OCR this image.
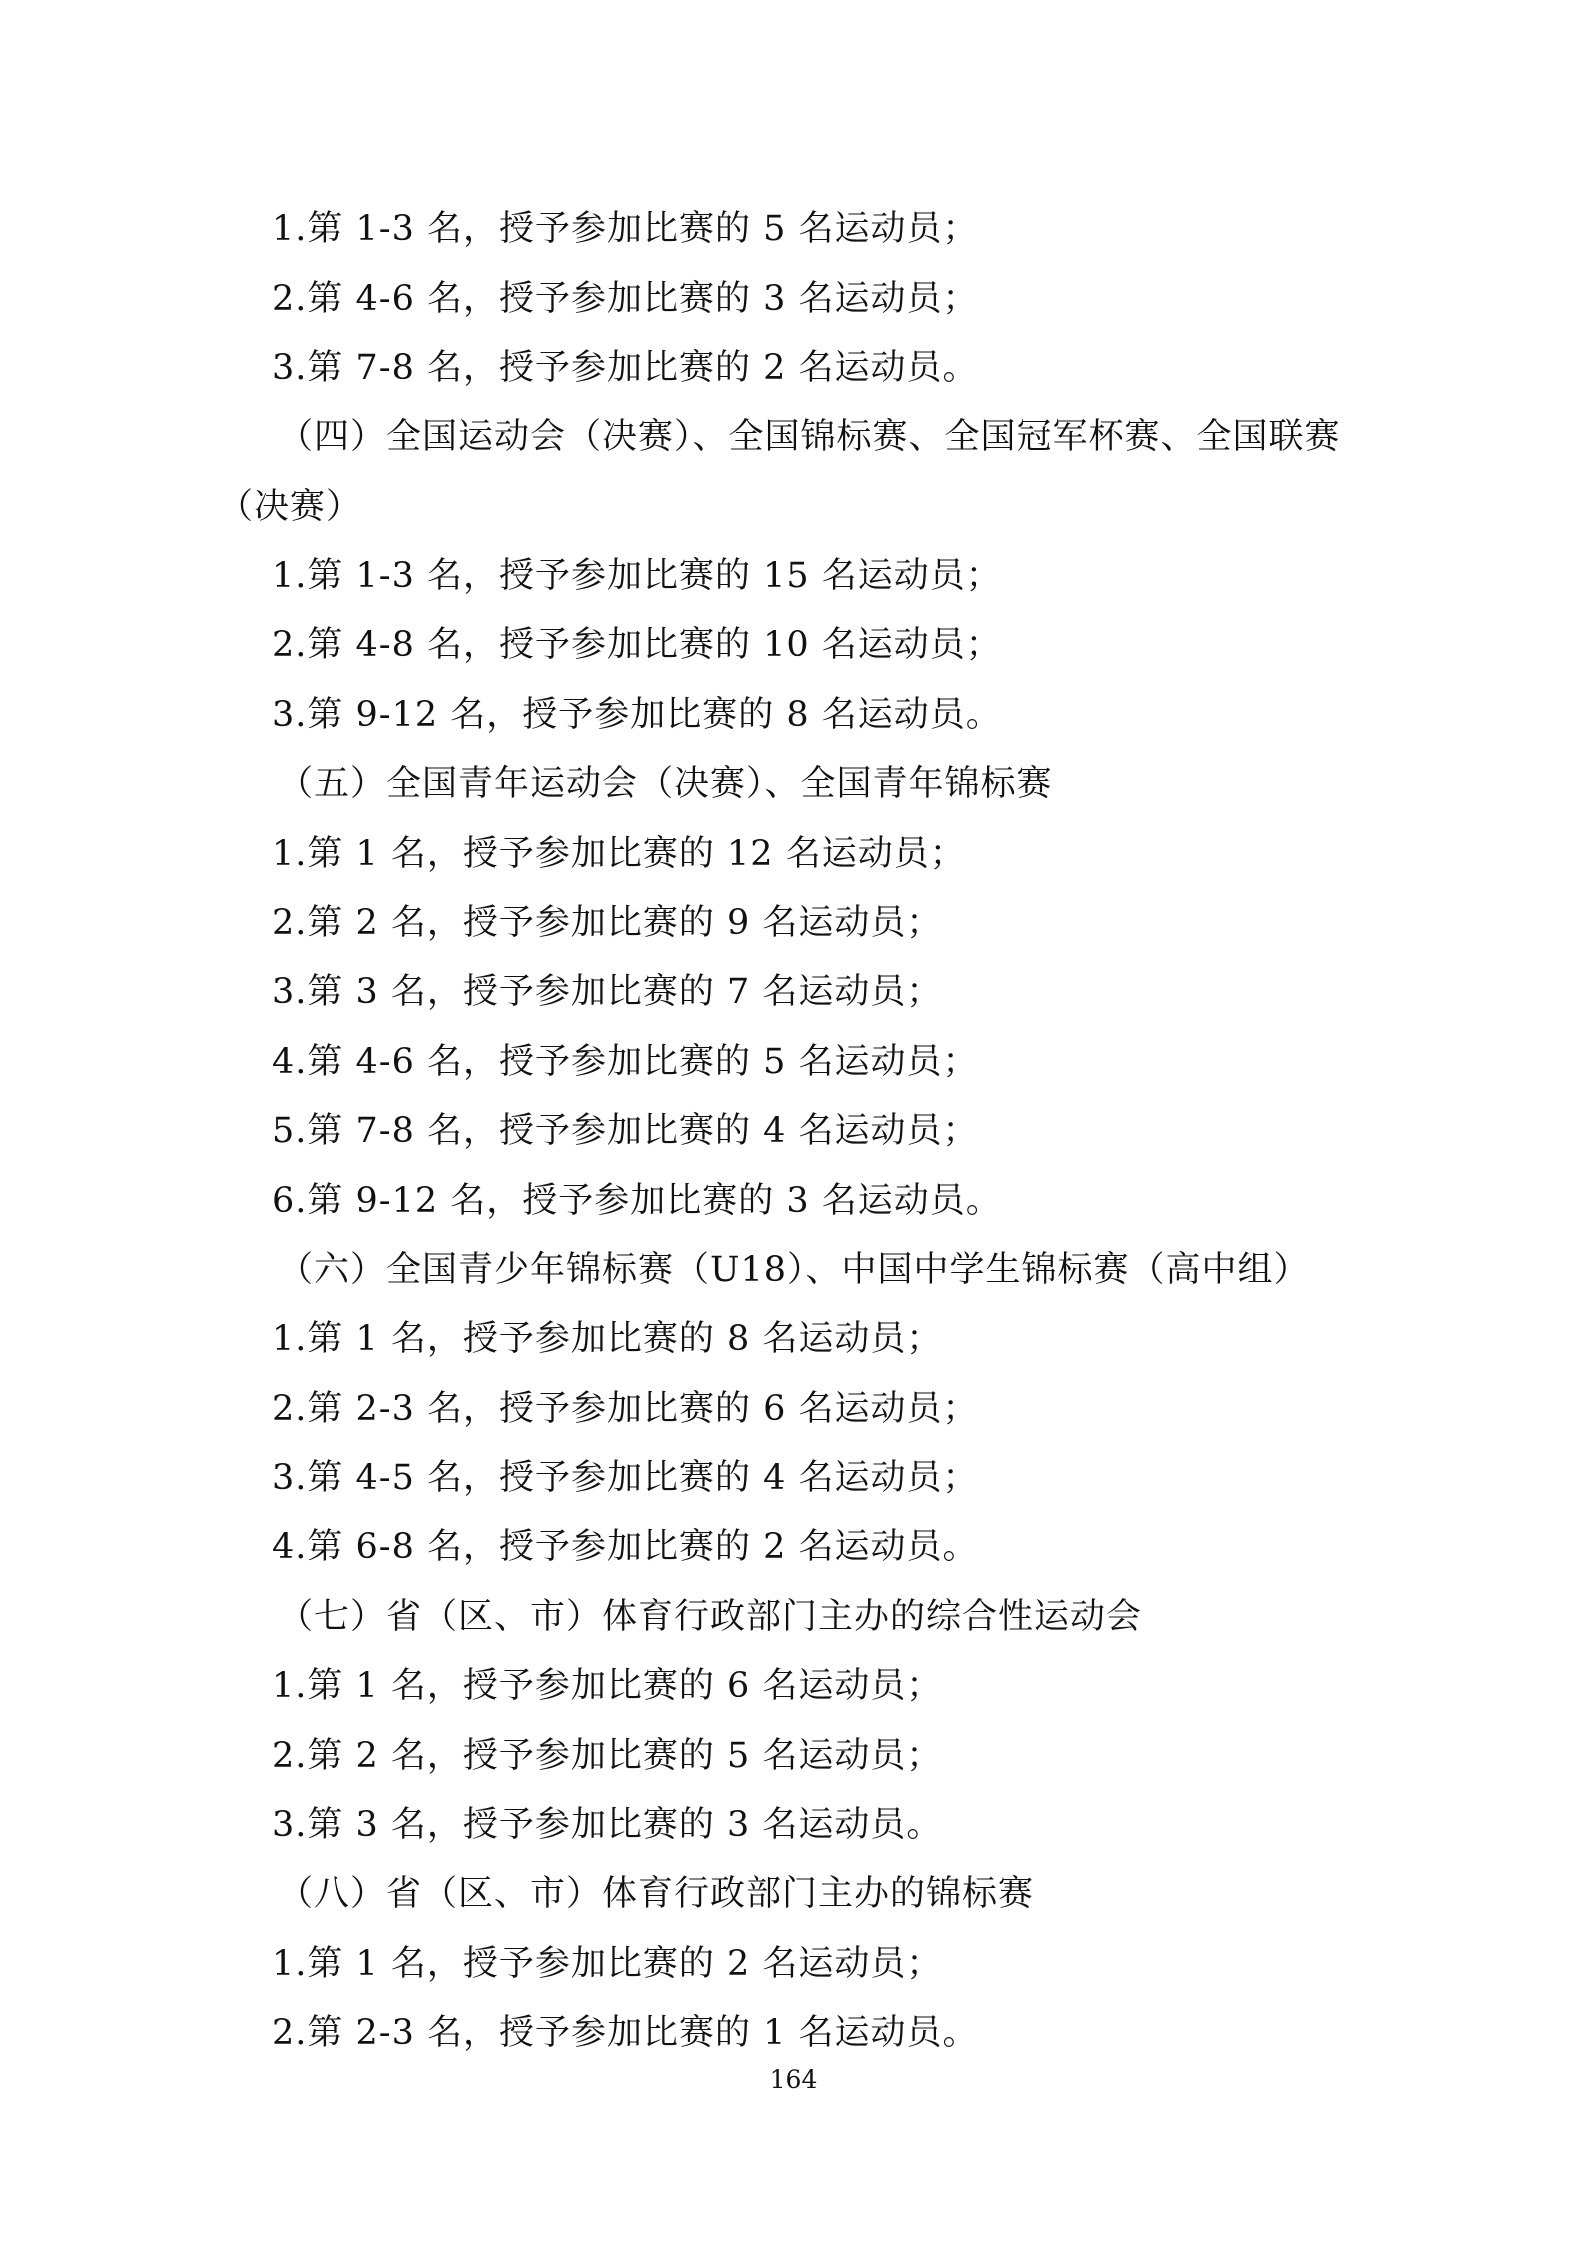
1.第 1-3 名，授予参加比赛的 5 名运动员；
2.第 4-6 名，授予参加比赛的 3 名运动员；
3.第 7-8 名，授予参加比赛的 2 名运动员。
（四）全国运动会（决赛）、全国锦标赛、全国冠军杯赛、全国联赛
（决赛）
1.第 1-3 名，授予参加比赛的 15 名运动员；
2.第 4-8 名，授予参加比赛的 10 名运动员；
3.第 9-12 名，授予参加比赛的 8 名运动员。
（五）全国青年运动会（决赛）、全国青年锦标赛
1.第 1 名，授予参加比赛的 12 名运动员；
2.第 2 名，授予参加比赛的 9 名运动员；
3.第 3 名，授予参加比赛的 7 名运动员；
4.第 4-6 名，授予参加比赛的 5 名运动员；
5.第 7-8 名，授予参加比赛的 4 名运动员；
6.第 9-12 名，授予参加比赛的 3 名运动员。
（六）全国青少年锦标赛（U18）、中国中学生锦标赛（高中组）
1.第 1 名，授予参加比赛的 8 名运动员；
2.第 2-3 名，授予参加比赛的 6 名运动员；
3.第 4-5 名，授予参加比赛的 4 名运动员；
4.第 6-8 名，授予参加比赛的 2 名运动员。
（七）省（区、市）体育行政部门主办的综合性运动会
1.第 1 名，授予参加比赛的 6 名运动员；
2.第 2 名，授予参加比赛的 5 名运动员；
3.第 3 名，授予参加比赛的 3 名运动员。
（八）省（区、市）体育行政部门主办的锦标赛
1.第 1 名，授予参加比赛的 2 名运动员；
2.第 2-3 名，授予参加比赛的 1 名运动员。
164
